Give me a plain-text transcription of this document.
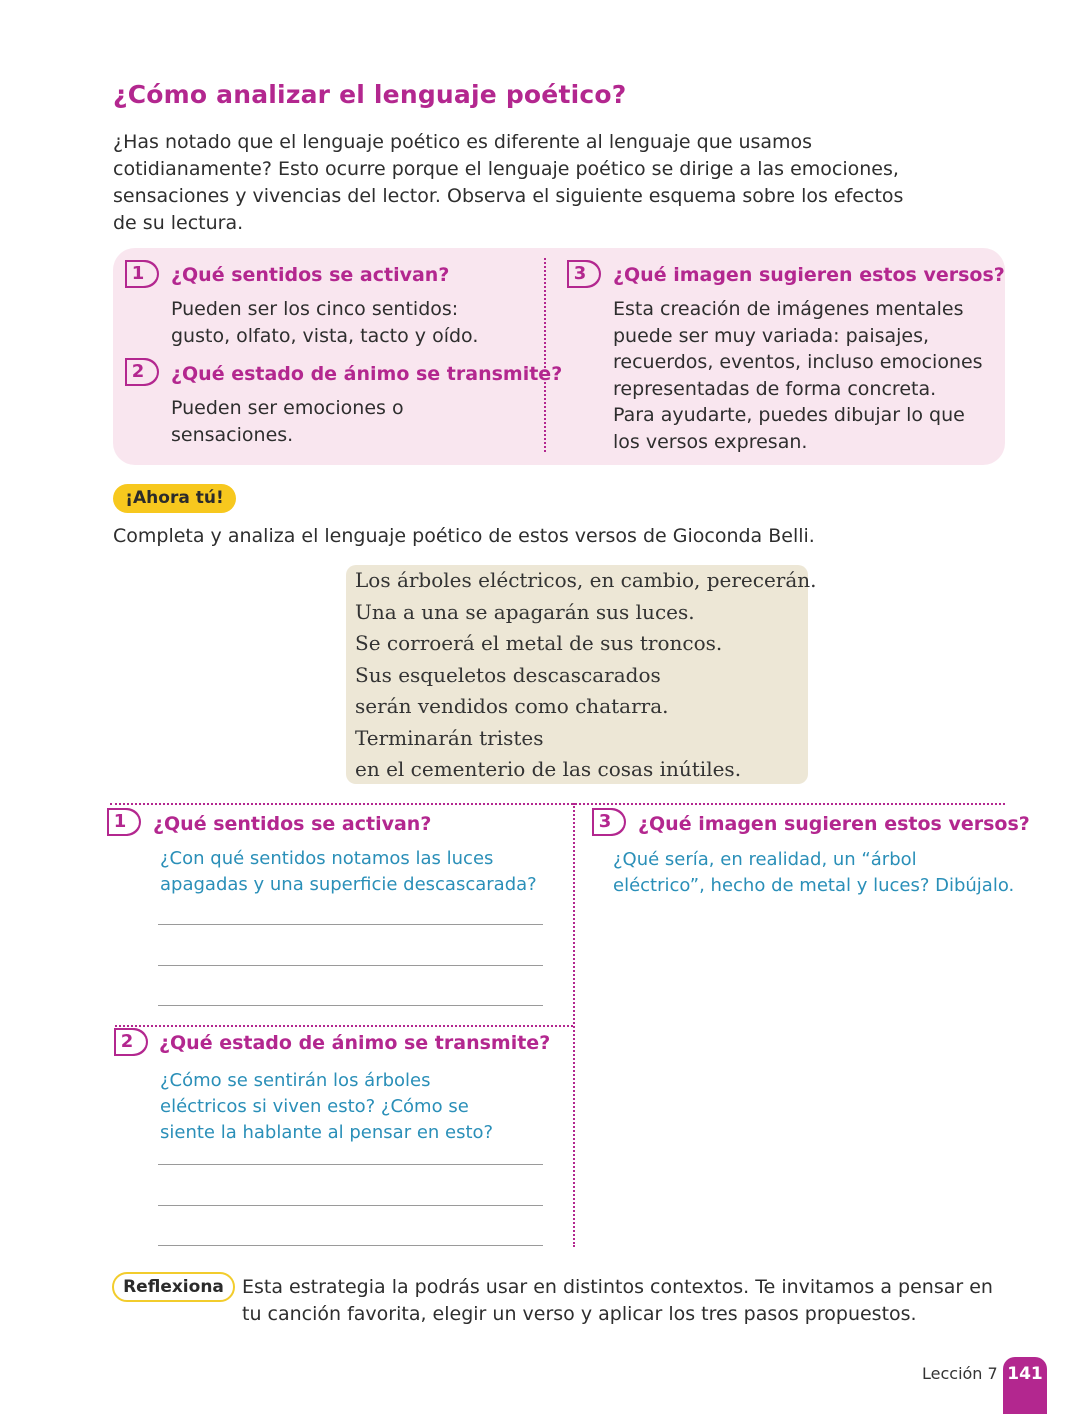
¿Cómo analizar el lenguaje poético?
¿Has notado que el lenguaje poético es diferente al lenguaje que usamos
cotidianamente? Esto ocurre porque el lenguaje poético se dirige a las emociones,
sensaciones y vivencias del lector. Observa el siguiente esquema sobre los efectos
de su lectura.
1 ¿Qué sentidos se activan?
Pueden ser los cinco sentidos:
gusto, olfato, vista, tacto y oído.
2 ¿Qué estado de ánimo se transmite?
Pueden ser emociones o
sensaciones.
3 ¿Qué imagen sugieren estos versos?
Esta creación de imágenes mentales
puede ser muy variada: paisajes,
recuerdos, eventos, incluso emociones
representadas de forma concreta.
Para ayudarte, puedes dibujar lo que
los versos expresan.
¡Ahora tú!
Completa y analiza el lenguaje poético de estos versos de Gioconda Belli.
Los árboles eléctricos, en cambio, perecerán.
Una a una se apagarán sus luces.
Se corroerá el metal de sus troncos.
Sus esqueletos descascarados
serán vendidos como chatarra.
Terminarán tristes
en el cementerio de las cosas inútiles.
1 ¿Qué sentidos se activan?
¿Con qué sentidos notamos las luces
apagadas y una superficie descascarada?
2 ¿Qué estado de ánimo se transmite?
¿Cómo se sentirán los árboles
eléctricos si viven esto? ¿Cómo se
siente la hablante al pensar en esto?
3 ¿Qué imagen sugieren estos versos?
¿Qué sería, en realidad, un “árbol
eléctrico”, hecho de metal y luces? Dibújalo.
Reflexiona Esta estrategia la podrás usar en distintos contextos. Te invitamos a pensar en
tu canción favorita, elegir un verso y aplicar los tres pasos propuestos.
Lección 7 141
